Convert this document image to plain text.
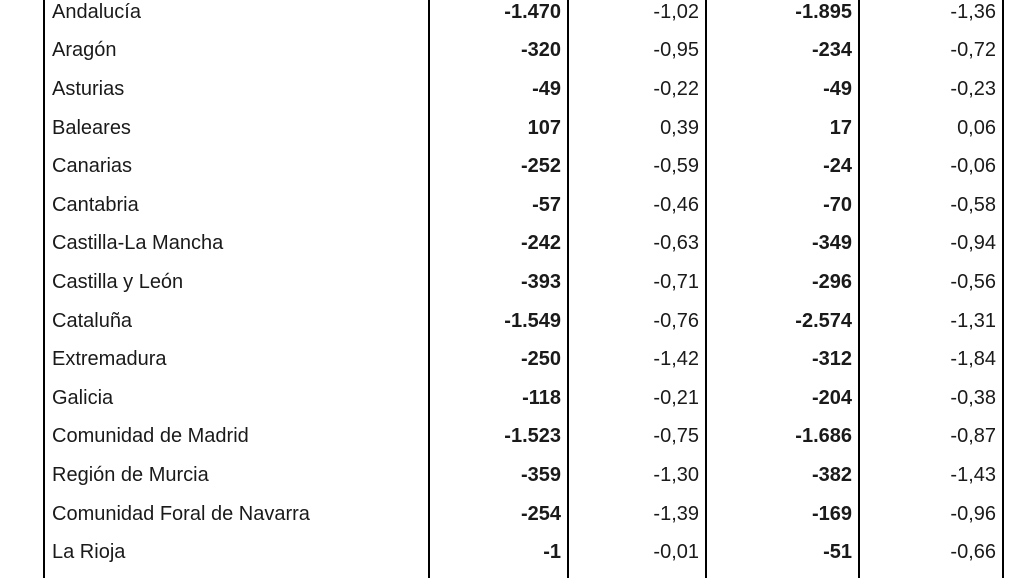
Andalucía	-1.470	-1,02	-1.895	-1,36
Aragón	-320	-0,95	-234	-0,72
Asturias	-49	-0,22	-49	-0,23
Baleares	107	0,39	17	0,06
Canarias	-252	-0,59	-24	-0,06
Cantabria	-57	-0,46	-70	-0,58
Castilla-La Mancha	-242	-0,63	-349	-0,94
Castilla y León	-393	-0,71	-296	-0,56
Cataluña	-1.549	-0,76	-2.574	-1,31
Extremadura	-250	-1,42	-312	-1,84
Galicia	-118	-0,21	-204	-0,38
Comunidad de Madrid	-1.523	-0,75	-1.686	-0,87
Región de Murcia	-359	-1,30	-382	-1,43
Comunidad Foral de Navarra	-254	-1,39	-169	-0,96
La Rioja	-1	-0,01	-51	-0,66
